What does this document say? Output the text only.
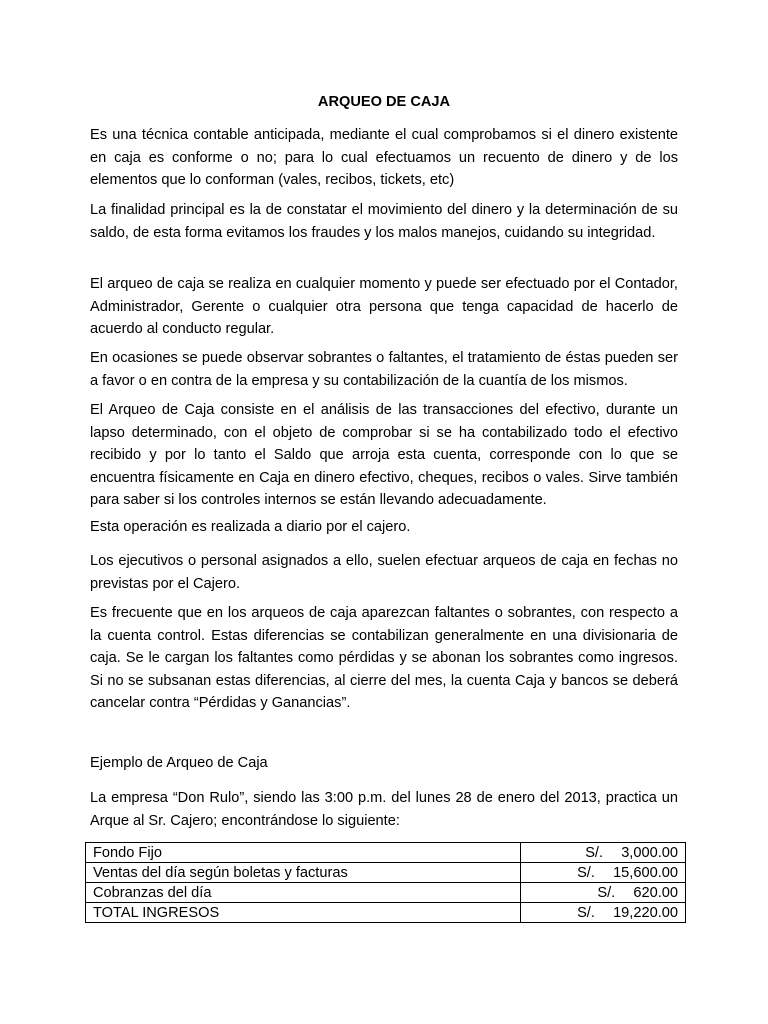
ARQUEO DE CAJA

Es una técnica contable anticipada, mediante el cual comprobamos si el dinero existente en caja es conforme o no; para lo cual efectuamos un recuento de dinero y de los elementos que lo conforman (vales, recibos, tickets, etc)

La finalidad principal es la de constatar el movimiento del dinero y la determinación de su saldo, de esta forma evitamos los fraudes y los malos manejos, cuidando su integridad.

El arqueo de caja se realiza en cualquier momento y puede ser efectuado por el Contador, Administrador, Gerente o cualquier otra persona que tenga capacidad de hacerlo de acuerdo al conducto regular.

En ocasiones se puede observar sobrantes o faltantes, el tratamiento de éstas pueden ser a favor o en contra de la empresa y su contabilización de la cuantía de los mismos.

El Arqueo de Caja consiste en el análisis de las transacciones del efectivo, durante un lapso determinado, con el objeto de comprobar si se ha contabilizado todo el efectivo recibido y por lo tanto el Saldo que arroja esta cuenta, corresponde con lo que se encuentra físicamente en Caja en dinero efectivo, cheques, recibos o vales. Sirve también para saber si los controles internos se están llevando adecuadamente.

Esta operación es realizada a diario por el cajero.

Los ejecutivos o personal asignados a ello, suelen efectuar arqueos de caja en fechas no previstas por el Cajero.

Es frecuente que en los arqueos de caja aparezcan faltantes o sobrantes, con respecto a la cuenta control. Estas diferencias se contabilizan generalmente en una divisionaria de caja. Se le cargan los faltantes como pérdidas y se abonan los sobrantes como ingresos. Si no se subsanan estas diferencias, al cierre del mes, la cuenta Caja y bancos se deberá cancelar contra “Pérdidas y Ganancias”.

Ejemplo de Arqueo de Caja

La empresa “Don Rulo”, siendo las 3:00 p.m. del lunes 28 de enero del 2013, practica un Arque al Sr. Cajero; encontrándose lo siguiente:

Fondo Fijo	S/. 3,000.00
Ventas del día según boletas y facturas	S/. 15,600.00
Cobranzas del día	S/. 620.00
TOTAL INGRESOS	S/. 19,220.00
